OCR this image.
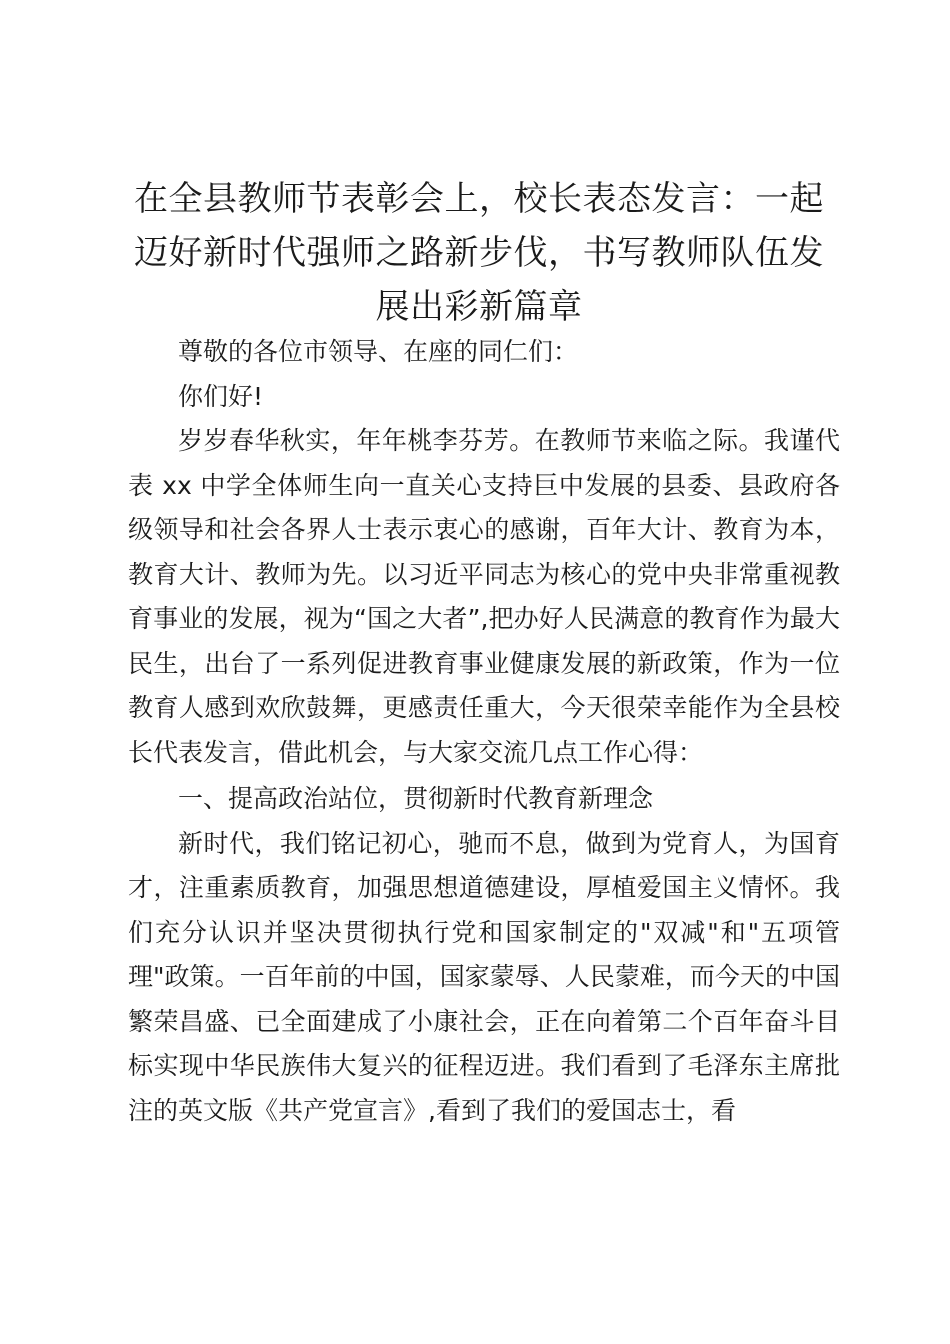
在全县教师节表彰会上，校长表态发言：一起迈好新时代强师之路新步伐，书写教师队伍发展出彩新篇章

尊敬的各位市领导、在座的同仁们：

你们好!

岁岁春华秋实，年年桃李芬芳。在教师节来临之际。我谨代表 xx 中学全体师生向一直关心支持巨中发展的县委、县政府各级领导和社会各界人士表示衷心的感谢，百年大计、教育为本，教育大计、教师为先。以习近平同志为核心的党中央非常重视教育事业的发展，视为“国之大者”,把办好人民满意的教育作为最大民生，出台了一系列促进教育事业健康发展的新政策，作为一位教育人感到欢欣鼓舞，更感责任重大，今天很荣幸能作为全县校长代表发言，借此机会，与大家交流几点工作心得：

一、提高政治站位，贯彻新时代教育新理念

新时代，我们铭记初心，驰而不息，做到为党育人，为国育才，注重素质教育，加强思想道德建设，厚植爱国主义情怀。我们充分认识并坚决贯彻执行党和国家制定的"双减"和"五项管理"政策。一百年前的中国，国家蒙辱、人民蒙难，而今天的中国繁荣昌盛、已全面建成了小康社会，正在向着第二个百年奋斗目标实现中华民族伟大复兴的征程迈进。我们看到了毛泽东主席批注的英文版《共产党宣言》,看到了我们的爱国志士，看
